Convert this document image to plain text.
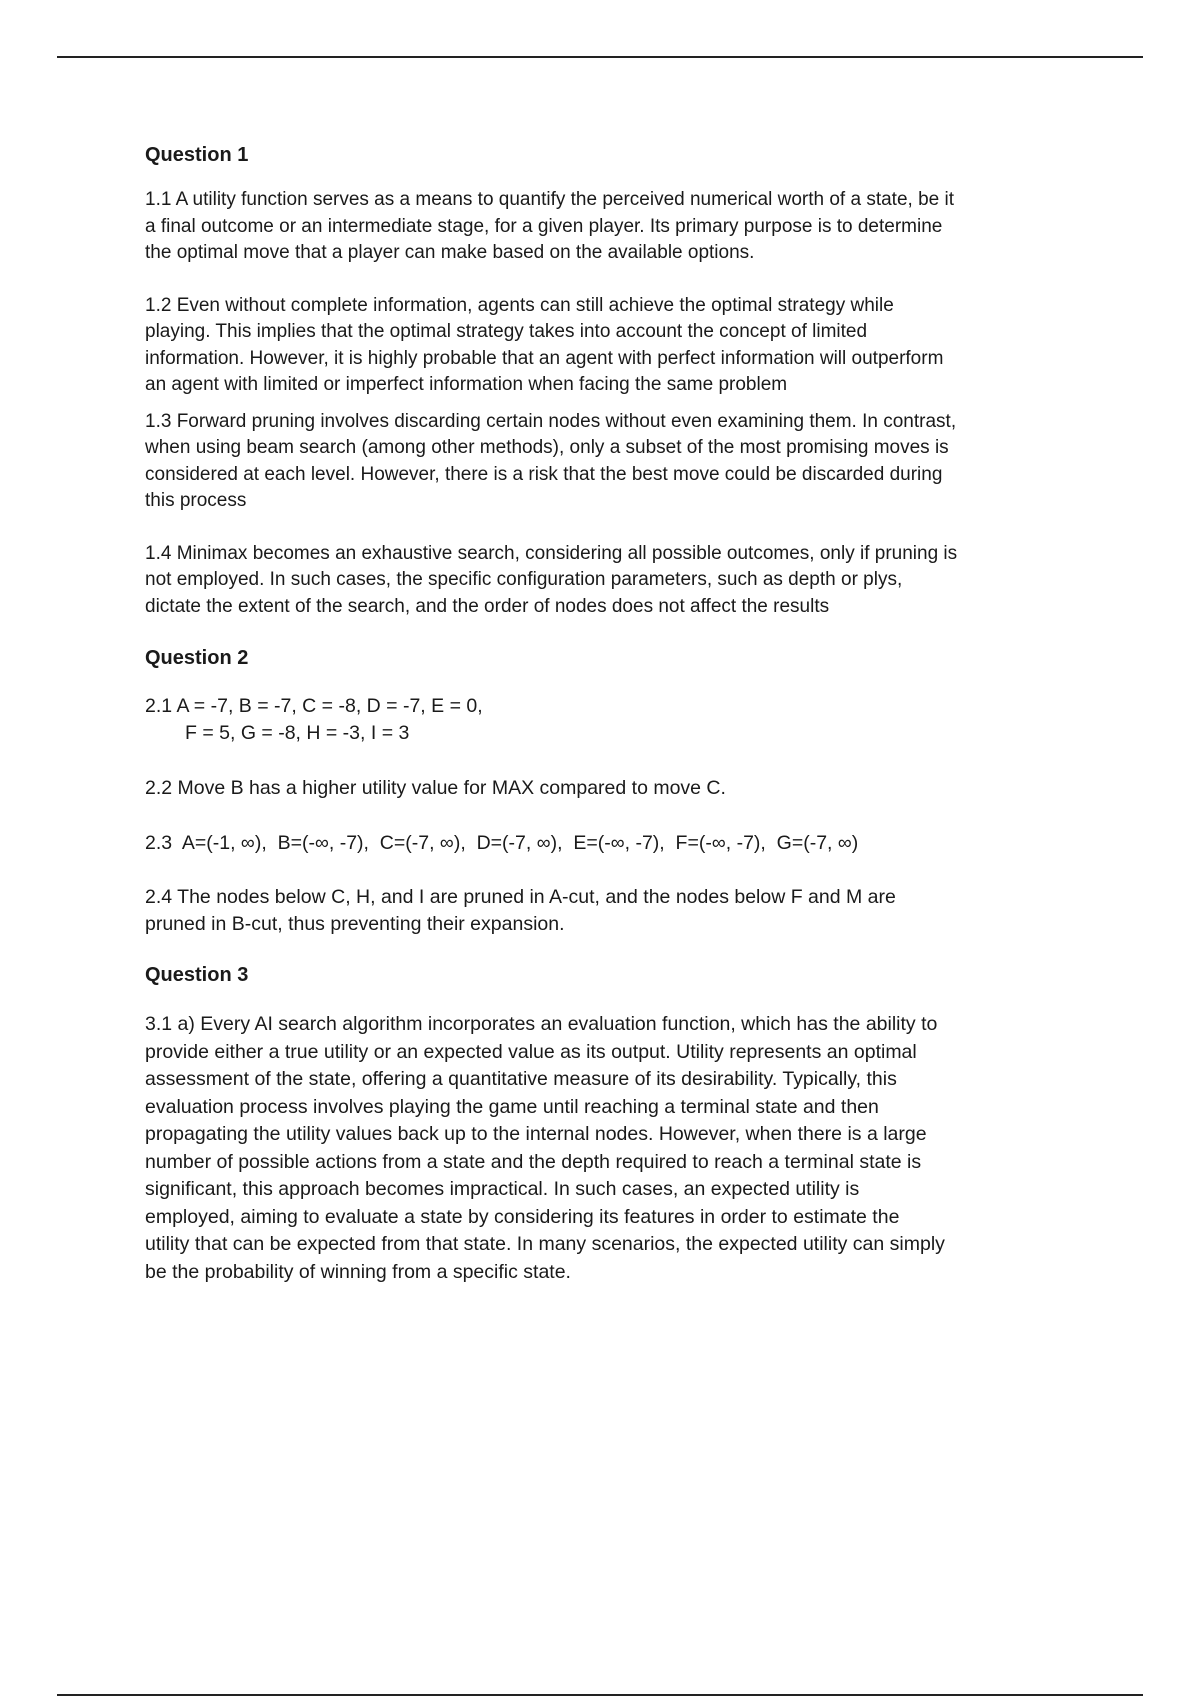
Question 1

1.1 A utility function serves as a means to quantify the perceived numerical worth of a state, be it
a final outcome or an intermediate stage, for a given player. Its primary purpose is to determine
the optimal move that a player can make based on the available options.

1.2 Even without complete information, agents can still achieve the optimal strategy while
playing. This implies that the optimal strategy takes into account the concept of limited
information. However, it is highly probable that an agent with perfect information will outperform
an agent with limited or imperfect information when facing the same problem

1.3 Forward pruning involves discarding certain nodes without even examining them. In contrast,
when using beam search (among other methods), only a subset of the most promising moves is
considered at each level. However, there is a risk that the best move could be discarded during
this process

1.4 Minimax becomes an exhaustive search, considering all possible outcomes, only if pruning is
not employed. In such cases, the specific configuration parameters, such as depth or plys,
dictate the extent of the search, and the order of nodes does not affect the results

Question 2
2.1 A = -7, B = -7, C = -8, D = -7, E = 0,
F = 5, G = -8, H = -3, I = 3

2.2 Move B has a higher utility value for MAX compared to move C.

2.3  A=(-1, ∞),  B=(-∞, -7),  C=(-7, ∞),  D=(-7, ∞),  E=(-∞, -7),  F=(-∞, -7),  G=(-7, ∞)

2.4 The nodes below C, H, and I are pruned in A-cut, and the nodes below F and M are
pruned in B-cut, thus preventing their expansion.

Question 3

3.1 a) Every AI search algorithm incorporates an evaluation function, which has the ability to
provide either a true utility or an expected value as its output. Utility represents an optimal
assessment of the state, offering a quantitative measure of its desirability. Typically, this
evaluation process involves playing the game until reaching a terminal state and then
propagating the utility values back up to the internal nodes. However, when there is a large
number of possible actions from a state and the depth required to reach a terminal state is
significant, this approach becomes impractical. In such cases, an expected utility is
employed, aiming to evaluate a state by considering its features in order to estimate the
utility that can be expected from that state. In many scenarios, the expected utility can simply
be the probability of winning from a specific state.
